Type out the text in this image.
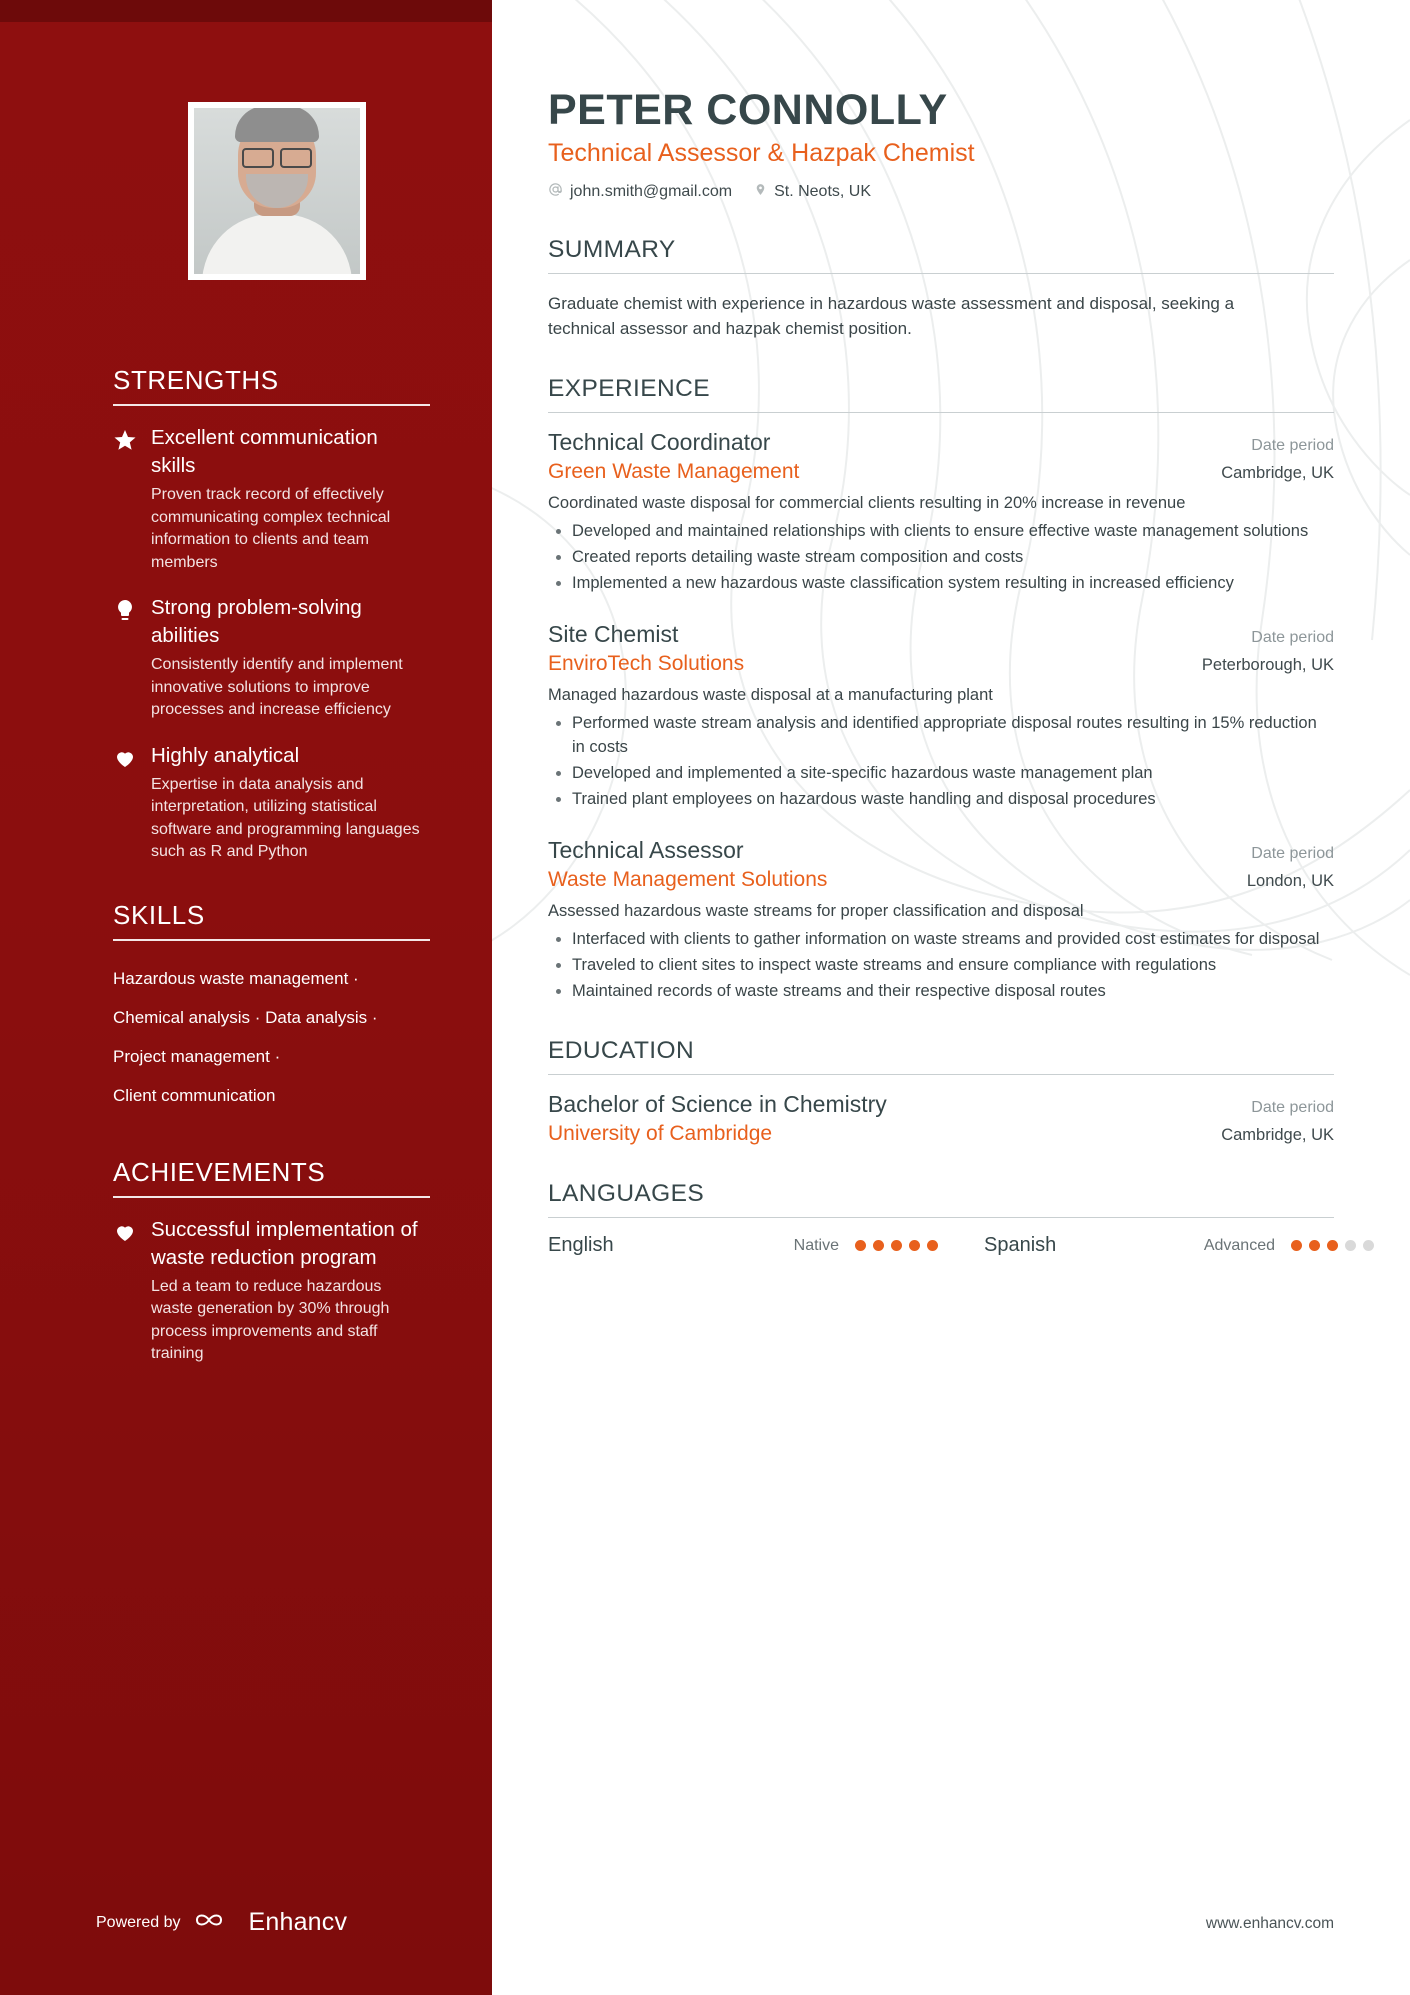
STRENGTHS
Excellent communication skills
Proven track record of effectively communicating complex technical information to clients and team members
Strong problem-solving abilities
Consistently identify and implement innovative solutions to improve processes and increase efficiency
Highly analytical
Expertise in data analysis and interpretation, utilizing statistical software and programming languages such as R and Python
SKILLS
Hazardous waste management ·
Chemical analysis · Data analysis ·
Project management ·
Client communication
ACHIEVEMENTS
Successful implementation of waste reduction program
Led a team to reduce hazardous waste generation by 30% through process improvements and staff training
PETER CONNOLLY
Technical Assessor & Hazpak Chemist
john.smith@gmail.com	St. Neots, UK
SUMMARY

Graduate chemist with experience in hazardous waste assessment and disposal, seeking a technical assessor and hazpak chemist position.

EXPERIENCE
Technical Coordinator	Date period
Green Waste Management	Cambridge, UK
Coordinated waste disposal for commercial clients resulting in 20% increase in revenue
• Developed and maintained relationships with clients to ensure effective waste management solutions
• Created reports detailing waste stream composition and costs
• Implemented a new hazardous waste classification system resulting in increased efficiency
Site Chemist	Date period
EnviroTech Solutions	Peterborough, UK
Managed hazardous waste disposal at a manufacturing plant
• Performed waste stream analysis and identified appropriate disposal routes resulting in 15% reduction in costs
• Developed and implemented a site-specific hazardous waste management plan
• Trained plant employees on hazardous waste handling and disposal procedures
Technical Assessor	Date period
Waste Management Solutions	London, UK
Assessed hazardous waste streams for proper classification and disposal
• Interfaced with clients to gather information on waste streams and provided cost estimates for disposal
• Traveled to client sites to inspect waste streams and ensure compliance with regulations
• Maintained records of waste streams and their respective disposal routes
EDUCATION
Bachelor of Science in Chemistry	Date period
University of Cambridge	Cambridge, UK
LANGUAGES
English	Native	Spanish	Advanced
Powered by	Enhancv	www.enhancv.com
